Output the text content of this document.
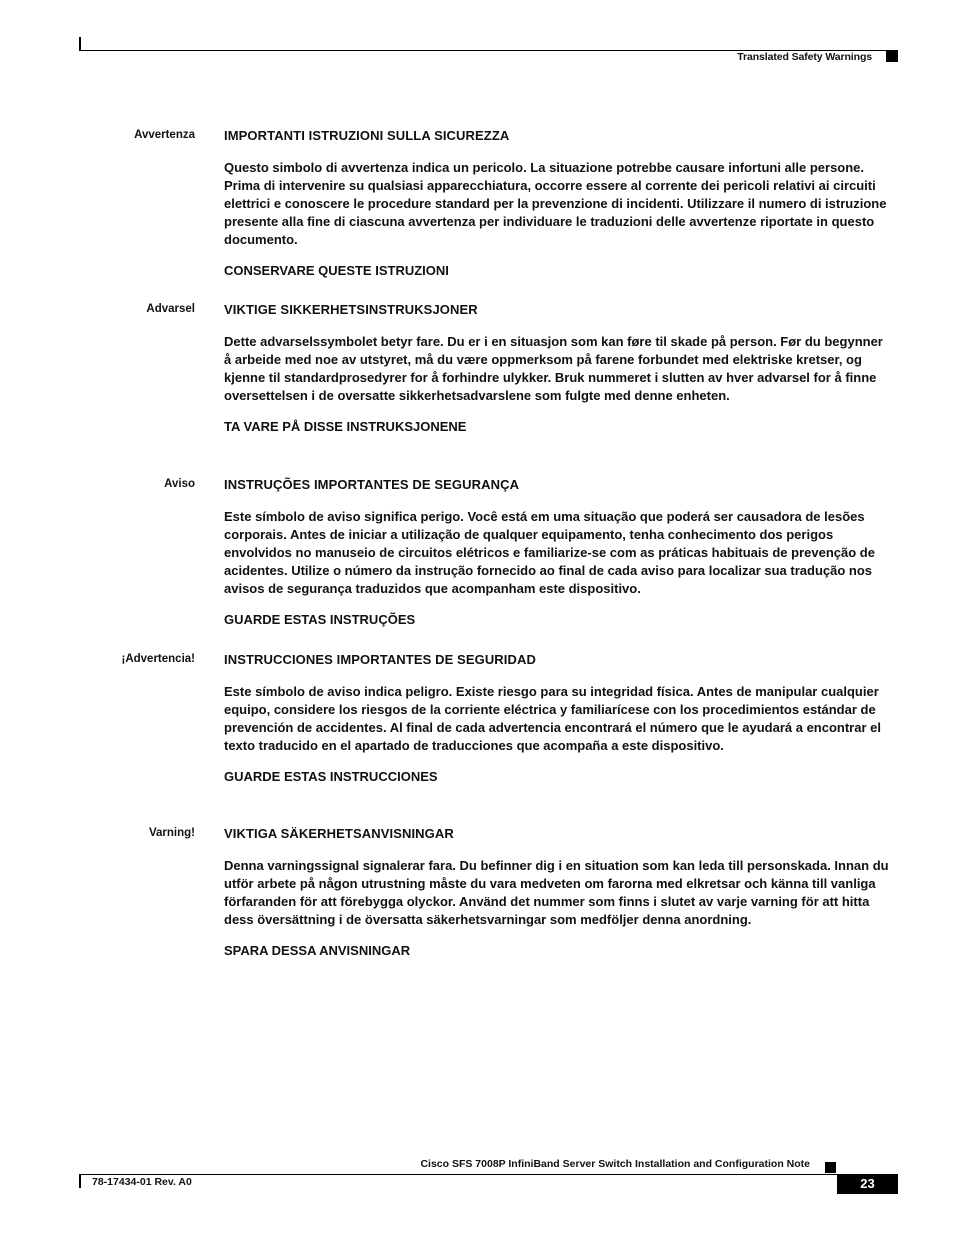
Translated Safety Warnings
Avvertenza IMPORTANTI ISTRUZIONI SULLA SICUREZZA

Questo simbolo di avvertenza indica un pericolo. La situazione potrebbe causare infortuni alle persone. Prima di intervenire su qualsiasi apparecchiatura, occorre essere al corrente dei pericoli relativi ai circuiti elettrici e conoscere le procedure standard per la prevenzione di incidenti. Utilizzare il numero di istruzione presente alla fine di ciascuna avvertenza per individuare le traduzioni delle avvertenze riportate in questo documento.

CONSERVARE QUESTE ISTRUZIONI

Advarsel VIKTIGE SIKKERHETSINSTRUKSJONER

Dette advarselssymbolet betyr fare. Du er i en situasjon som kan føre til skade på person. Før du begynner å arbeide med noe av utstyret, må du være oppmerksom på farene forbundet med elektriske kretser, og kjenne til standardprosedyrer for å forhindre ulykker. Bruk nummeret i slutten av hver advarsel for å finne oversettelsen i de oversatte sikkerhetsadvarslene som fulgte med denne enheten.

TA VARE PÅ DISSE INSTRUKSJONENE

Aviso INSTRUÇÕES IMPORTANTES DE SEGURANÇA

Este símbolo de aviso significa perigo. Você está em uma situação que poderá ser causadora de lesões corporais. Antes de iniciar a utilização de qualquer equipamento, tenha conhecimento dos perigos envolvidos no manuseio de circuitos elétricos e familiarize-se com as práticas habituais de prevenção de acidentes. Utilize o número da instrução fornecido ao final de cada aviso para localizar sua tradução nos avisos de segurança traduzidos que acompanham este dispositivo.

GUARDE ESTAS INSTRUÇÕES

¡Advertencia! INSTRUCCIONES IMPORTANTES DE SEGURIDAD

Este símbolo de aviso indica peligro. Existe riesgo para su integridad física. Antes de manipular cualquier equipo, considere los riesgos de la corriente eléctrica y familiarícese con los procedimientos estándar de prevención de accidentes. Al final de cada advertencia encontrará el número que le ayudará a encontrar el texto traducido en el apartado de traducciones que acompaña a este dispositivo.

GUARDE ESTAS INSTRUCCIONES

Varning! VIKTIGA SÄKERHETSANVISNINGAR

Denna varningssignal signalerar fara. Du befinner dig i en situation som kan leda till personskada. Innan du utför arbete på någon utrustning måste du vara medveten om farorna med elkretsar och känna till vanliga förfaranden för att förebygga olyckor. Använd det nummer som finns i slutet av varje varning för att hitta dess översättning i de översatta säkerhetsvarningar som medföljer denna anordning.

SPARA DESSA ANVISNINGAR

Cisco SFS 7008P InfiniBand Server Switch Installation and Configuration Note
78-17434-01 Rev. A0	23
